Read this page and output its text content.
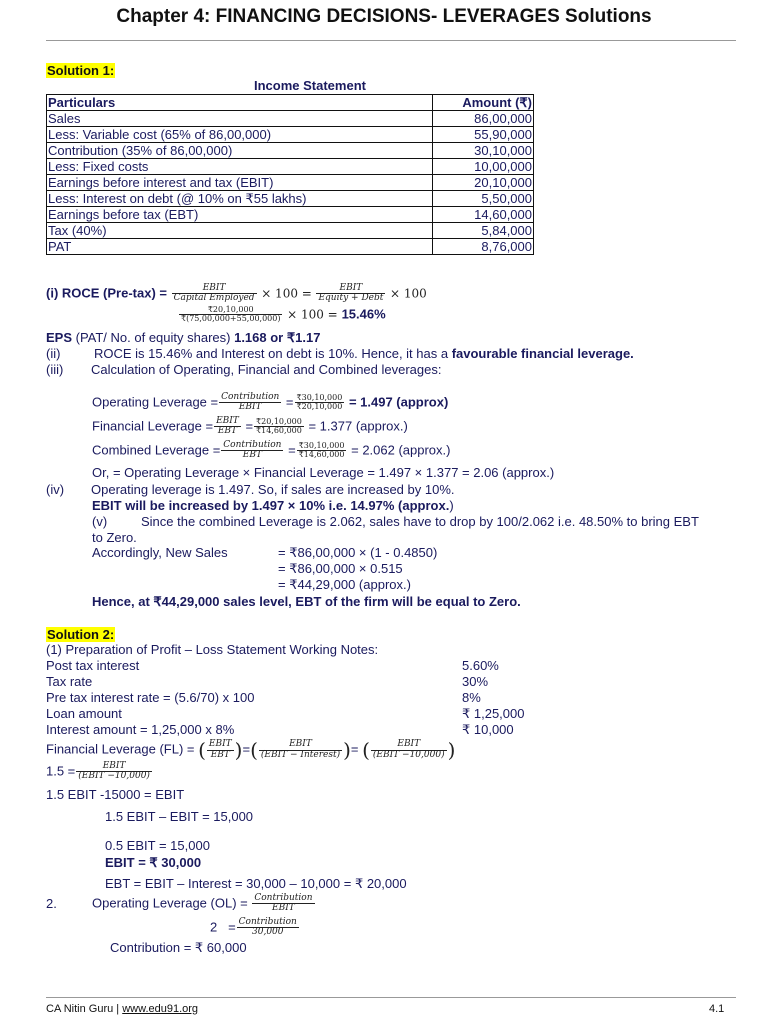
Chapter 4: FINANCING DECISIONS- LEVERAGES Solutions
Solution 1:
Income Statement
Particulars	Amount (₹)
Sales	86,00,000
Less: Variable cost (65% of 86,00,000)	55,90,000
Contribution (35% of 86,00,000)	30,10,000
Less: Fixed costs	10,00,000
Earnings before interest and tax (EBIT)	20,10,000
Less: Interest on debt (@ 10% on ₹55 lakhs)	5,50,000
Earnings before tax (EBT)	14,60,000
Tax (40%)	5,84,000
PAT	8,76,000
(i) ROCE $(Pre-tax) = \frac{\text{EBIT}}{\text{Capital Employed}} \times 100 = \frac{\text{EBIT}}{\text{Equity + Debt}} \times 100$
$\frac{₹20,10,000}{₹(75,00,000+55,00,000)} \times 100 = 15.46\%$
EPS (PAT/ No. of equity shares) 1.168 or ₹1.17
(ii)	ROCE is 15.46% and Interest on debt is 10%. Hence, it has a favourable financial leverage.
(iii) Calculation of Operating, Financial and Combined leverages:
Operating Leverage = $\frac{\text{Contribution}}{\text{EBIT}} = \frac{₹30,10,000}{₹20,10,000} = 1.497$ (approx)
Financial Leverage = $\frac{\text{EBIT}}{\text{EBT}} = \frac{₹20,10,000}{₹14,60,000} = 1.377$ (approx.)
Combined Leverage = $\frac{\text{Contribution}}{\text{EBT}} = \frac{₹30,10,000}{₹14,60,000} = 2.062$ (approx.)
Or, = Operating Leverage × Financial Leverage = 1.497 × 1.377 = 2.06 (approx.)
(iv) Operating leverage is 1.497. So, if sales are increased by 10%.
EBIT will be increased by 1.497 × 10% i.e. 14.97% (approx.)
(v)	Since the combined Leverage is 2.062, sales have to drop by 100/2.062 i.e. 48.50% to bring EBT
to Zero.
Accordingly, New Sales	= ₹86,00,000 × (1 - 0.4850)
= ₹86,00,000 × 0.515
= ₹44,29,000 (approx.)
Hence, at ₹44,29,000 sales level, EBT of the firm will be equal to Zero.
Solution 2:
(1) Preparation of Profit – Loss Statement Working Notes:
Post tax interest	5.60%
Tax rate	30%
Pre tax interest rate = (5.6/70) x 100	8%
Loan amount	₹ 1,25,000
Interest amount = 1,25,000 x 8%	₹ 10,000
Financial Leverage (FL) = ( $\frac{\text{EBIT}}{\text{EBT}}$ )=( $\frac{\text{EBIT}}{\text{(EBIT − Interest)}}$ )= ( $\frac{\text{EBIT}}{\text{(EBIT −10,000)}}$ )
$1.5 = \frac{\text{EBIT}}{\text{(EBIT −10,000)}}$
1.5 EBIT -15000 = EBIT
1.5 EBIT – EBIT = 15,000
0.5 EBIT = 15,000
EBIT = ₹ 30,000
EBT = EBIT – Interest = 30,000 – 10,000 = ₹ 20,000
2.	Operating Leverage $(OL) = \frac{\text{Contribution}}{\text{EBIT}}$
$2 = \frac{\text{Contribution}}{30,000}$
Contribution = ₹ 60,000
CA Nitin Guru | www.edu91.org	4.1
